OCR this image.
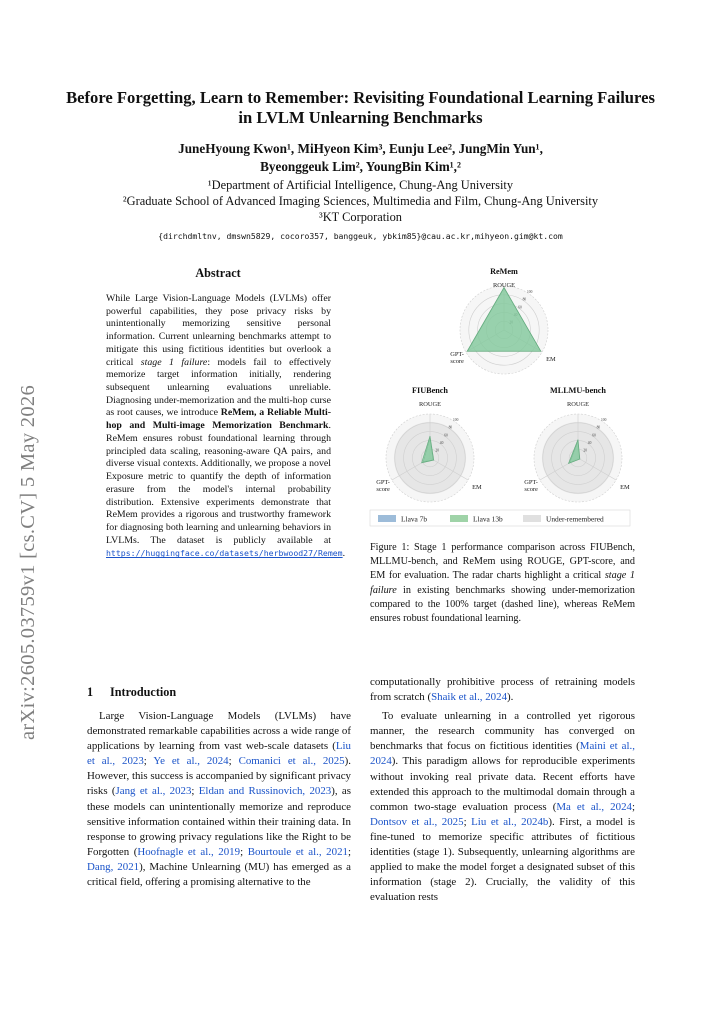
arXiv:2605.03759v1 [cs.CV] 5 May 2026
Before Forgetting, Learn to Remember: Revisiting Foundational Learning Failures in LVLM Unlearning Benchmarks
JuneHyoung Kwon¹, MiHyeon Kim³, Eunju Lee², JungMin Yun¹,
Byeonggeuk Lim², YoungBin Kim¹,²
¹Department of Artificial Intelligence, Chung-Ang University
²Graduate School of Advanced Imaging Sciences, Multimedia and Film, Chung-Ang University
³KT Corporation
{dirchdmltnv, dmswn5829, cocoro357, banggeuk, ybkim85}@cau.ac.kr,mihyeon.gim@kt.com
Abstract
While Large Vision-Language Models (LVLMs) offer powerful capabilities, they pose privacy risks by unintentionally memorizing sensitive personal information. Current unlearning benchmarks attempt to mitigate this using fictitious identities but overlook a critical stage 1 failure: models fail to effectively memorize target information initially, rendering subsequent unlearning evaluations unreliable. Diagnosing under-memorization and the multi-hop curse as root causes, we introduce ReMem, a Reliable Multi-hop and Multi-image Memorization Benchmark. ReMem ensures robust foundational learning through principled data scaling, reasoning-aware QA pairs, and diverse visual contexts. Additionally, we propose a novel Exposure metric to quantify the depth of information erasure from the model's internal probability distribution. Extensive experiments demonstrate that ReMem provides a rigorous and trustworthy framework for diagnosing both learning and unlearning behaviors in LVLMs. The dataset is publicly available at https://huggingface.co/datasets/herbwood27/Remem.
1 Introduction

Large Vision-Language Models (LVLMs) have demonstrated remarkable capabilities across a wide range of applications by learning from vast web-scale datasets (Liu et al., 2023; Ye et al., 2024; Comanici et al., 2025). However, this success is accompanied by significant privacy risks (Jang et al., 2023; Eldan and Russinovich, 2023), as these models can unintentionally memorize and reproduce sensitive information contained within their training data. In response to growing privacy regulations like the Right to be Forgotten (Hoofnagle et al., 2019; Bourtoule et al., 2021; Dang, 2021), Machine Unlearning (MU) has emerged as a critical field, offering a promising alternative to the

computationally prohibitive process of retraining models from scratch (Shaik et al., 2024).

To evaluate unlearning in a controlled yet rigorous manner, the research community has converged on benchmarks that focus on fictitious identities (Maini et al., 2024). This paradigm allows for reproducible experiments without invoking real private data. Recent efforts have extended this approach to the multimodal domain through a common two-stage evaluation process (Ma et al., 2024; Dontsov et al., 2025; Liu et al., 2024b). First, a model is fine-tuned to memorize specific attributes of fictitious identities (stage 1). Subsequently, unlearning algorithms are applied to make the model forget a designated subset of this information (stage 2). Crucially, the validity of this evaluation rests

60
80
100
ReMem
ROUGE
EM
GPT-
score
20
40
60
80
100
FIUBench
ROUGE
EM
GPT-
score
20
40
60
80
100
MLLMU-bench
ROUGE
EM
GPT-
score
Llava 7b	Llava 13b	Under-remembered
Figure 1: Stage 1 performance comparison across FIUBench, MLLMU-bench, and ReMem using ROUGE, GPT-score, and EM for evaluation. The radar charts highlight a critical stage 1 failure in existing benchmarks showing under-memorization compared to the 100% target (dashed line), whereas ReMem ensures robust foundational learning.
